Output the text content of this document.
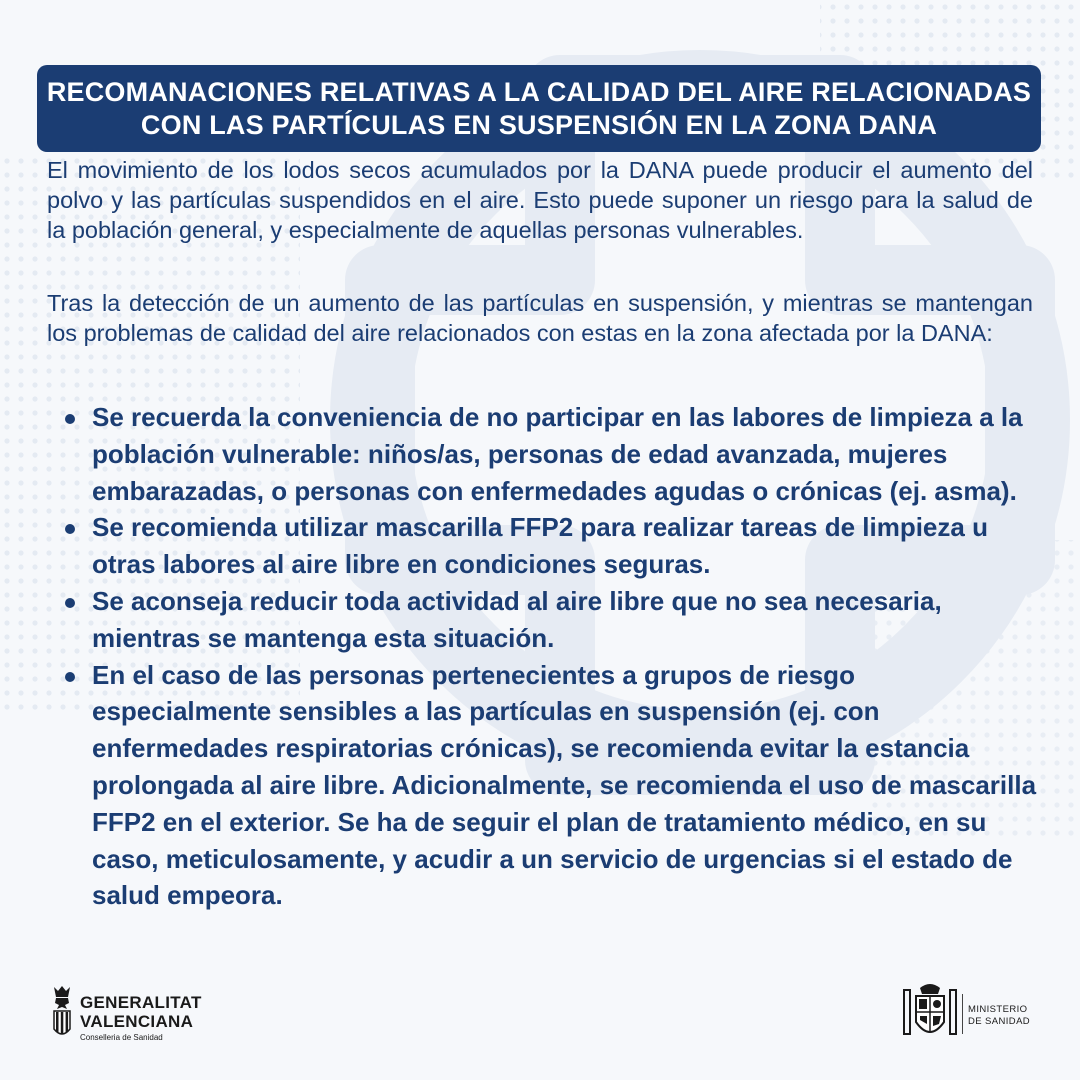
RECOMANACIONES RELATIVAS A LA CALIDAD DEL AIRE RELACIONADAS
CON LAS PARTÍCULAS EN SUSPENSIÓN EN LA ZONA DANA
El movimiento de los lodos secos acumulados por la DANA puede producir el aumento del polvo y las partículas suspendidos en el aire. Esto puede suponer un riesgo para la salud de la población general, y especialmente de aquellas personas vulnerables.
Tras la detección de un aumento de las partículas en suspensión, y mientras se mantengan los problemas de calidad del aire relacionados con estas en la zona afectada por la DANA:
Se recuerda la conveniencia de no participar en las labores de limpieza a la población vulnerable: niños/as, personas de edad avanzada, mujeres embarazadas, o personas con enfermedades agudas o crónicas (ej. asma).
Se recomienda utilizar mascarilla FFP2 para realizar tareas de limpieza u otras labores al aire libre en condiciones seguras.
Se aconseja reducir toda actividad al aire libre que no sea necesaria, mientras se mantenga esta situación.
En el caso de las personas pertenecientes a grupos de riesgo especialmente sensibles a las partículas en suspensión (ej. con enfermedades respiratorias crónicas), se recomienda evitar la estancia prolongada al aire libre. Adicionalmente, se recomienda el uso de mascarilla FFP2 en el exterior. Se ha de seguir el plan de tratamiento médico, en su caso, meticulosamente, y acudir a un servicio de urgencias si el estado de salud empeora.
GENERALITAT
VALENCIANA
Conselleria de Sanidad
MINISTERIO
DE SANIDAD
